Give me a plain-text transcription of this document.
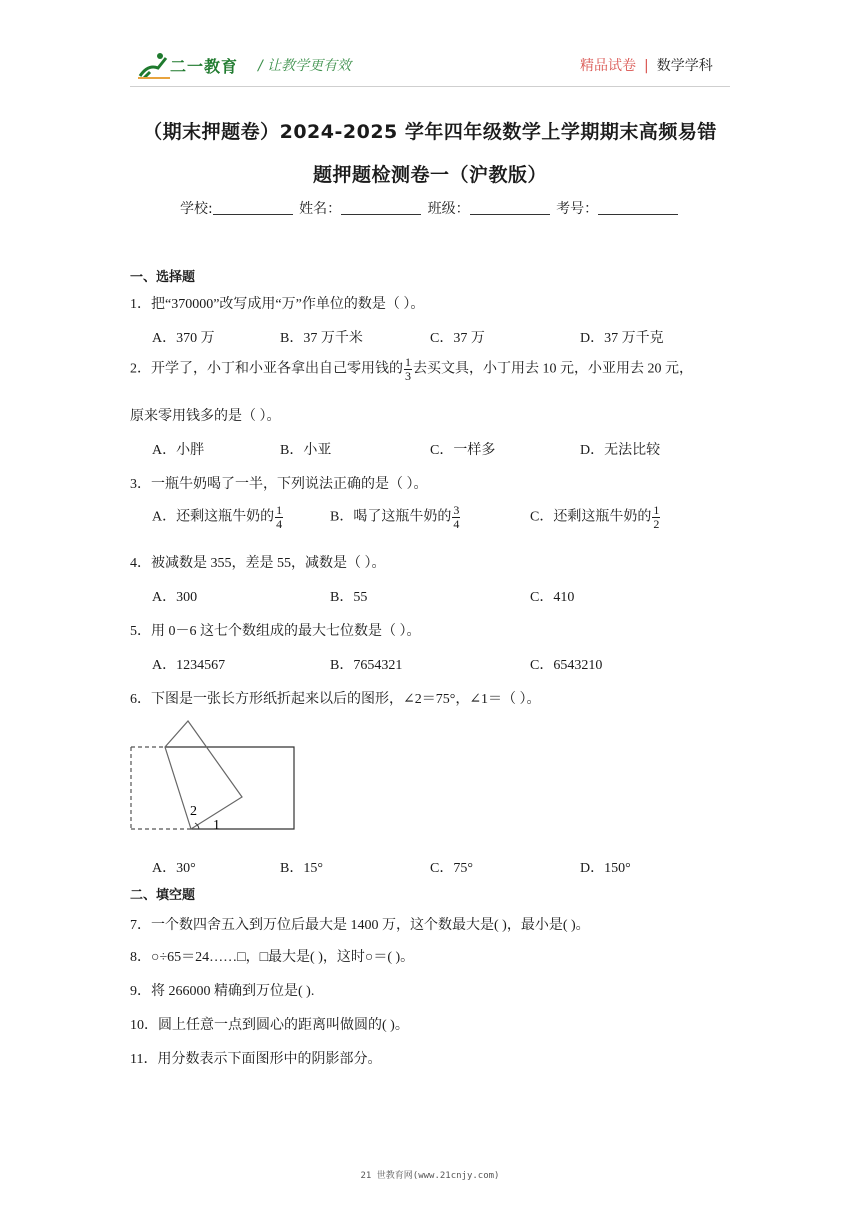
二一教育 / 让教学更有效	精品试卷 | 数学学科
（期末押题卷）2024-2025 学年四年级数学上学期期末高频易错
题押题检测卷一（沪教版）
学校:	姓名：	班级：	考号：
一、选择题
1．把“370000”改写成用“万”作单位的数是（ ）。
A．370 万	B．37 万千米	C．37 万	D．37 万千克
2．开学了，小丁和小亚各拿出自己零用钱的 $\frac{1}{3}$ 去买文具，小丁用去 10 元，小亚用去 20 元，
原来零用钱多的是（ ）。
A．小胖	B．小亚	C．一样多	D．无法比较
3．一瓶牛奶喝了一半，下列说法正确的是（ ）。
A．还剩这瓶牛奶的 $\frac{1}{4}$	B．喝了这瓶牛奶的 $\frac{3}{4}$	C．还剩这瓶牛奶的 $\frac{1}{2}$
4．被减数是 355，差是 55，减数是（ ）。
A．300	B．55	C．410
5．用 0－6 这七个数组成的最大七位数是（ ）。
A．1234567	B．7654321	C．6543210
6．下图是一张长方形纸折起来以后的图形，∠2＝75°，∠1＝（ ）。
2
1
A．30°	B．15°	C．75°	D．150°
二、填空题
7．一个数四舍五入到万位后最大是 1400 万，这个数最大是( )，最小是( )。
8．○÷65＝24……□，□最大是( )，这时○＝( )。
9．将 266000 精确到万位是( ).
10．圆上任意一点到圆心的距离叫做圆的( )。
11．用分数表示下面图形中的阴影部分。
21 世教育网(www.21cnjy.com)
